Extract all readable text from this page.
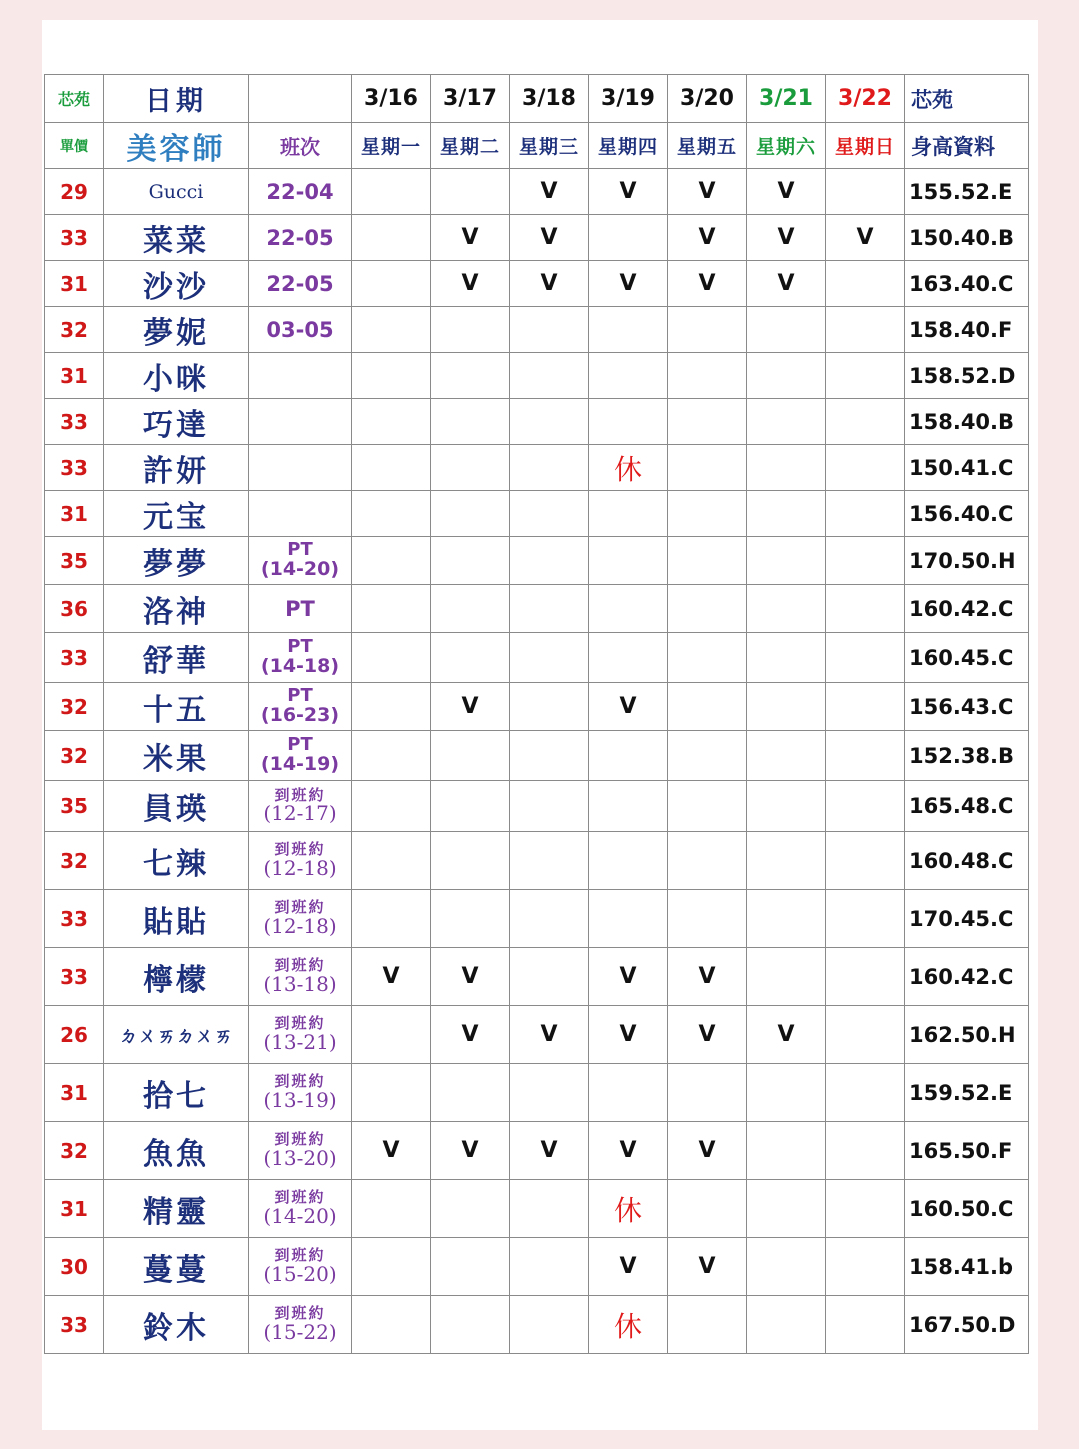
芯苑	日期		3/16	3/17	3/18	3/19	3/20	3/21	3/22	芯苑
單價	美容師	班次	星期一	星期二	星期三	星期四	星期五	星期六	星期日	身高資料
29	Gucci	22-04			V	V	V	V		155.52.E
33	菜菜	22-05		V	V		V	V	V	150.40.B
31	沙沙	22-05		V	V	V	V	V		163.40.C
32	夢妮	03-05								158.40.F
31	小咪									158.52.D
33	巧達									158.40.B
33	許妍					休				150.41.C
31	元宝									156.40.C
35	夢夢	PT
(14-20)								170.50.H
36	洛神	PT								160.42.C
33	舒華	PT
(14-18)								160.45.C
32	十五	PT
(16-23)		V		V				156.43.C
32	米果	PT
(14-19)								152.38.B
35	員瑛	到班約
(12-17)								165.48.C
32	七辣	到班約
(12-18)								160.48.C
33	貼貼	到班約
(12-18)								170.45.C
33	檸檬	到班約
(13-18)	V	V		V	V			160.42.C
26	ㄉㄨㄞㄉㄨㄞ	到班約
(13-21)		V	V	V	V	V		162.50.H
31	拾七	到班約
(13-19)								159.52.E
32	魚魚	到班約
(13-20)	V	V	V	V	V			165.50.F
31	精靈	到班約
(14-20)				休				160.50.C
30	蔓蔓	到班約
(15-20)				V	V			158.41.b
33	鈴木	到班約
(15-22)				休				167.50.D
